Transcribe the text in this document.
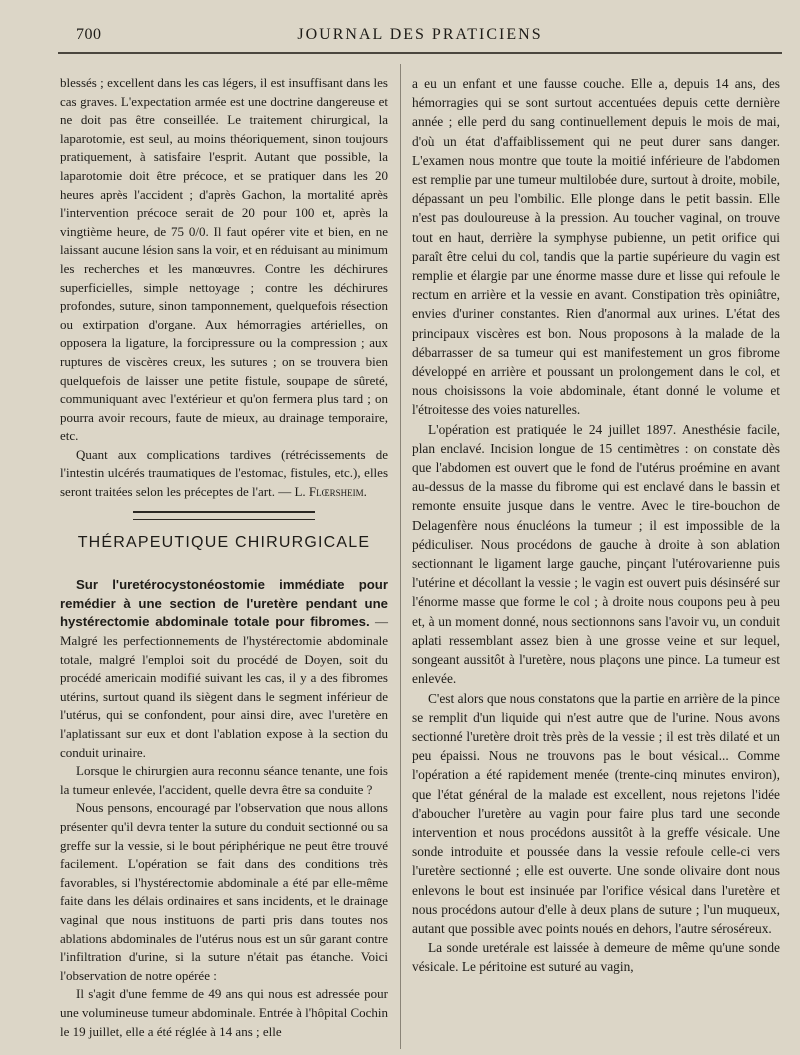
700	JOURNAL DES PRATICIENS

blessés ; excellent dans les cas légers, il est insuffisant dans les cas graves. L'expectation armée est une doctrine dangereuse et ne doit pas être conseillée. Le traitement chirurgical, la laparotomie, est seul, au moins théoriquement, sinon toujours pratiquement, à satisfaire l'esprit. Autant que possible, la laparotomie doit être précoce, et se pratiquer dans les 20 heures après l'accident ; d'après Gachon, la mortalité après l'intervention précoce serait de 20 pour 100 et, après la vingtième heure, de 75 0/0. Il faut opérer vite et bien, en ne laissant aucune lésion sans la voir, et en réduisant au minimum les recherches et les manœuvres. Contre les déchirures superficielles, simple nettoyage ; contre les déchirures profondes, suture, sinon tamponnement, quelquefois résection ou extirpation d'organe. Aux hémorragies artérielles, on opposera la ligature, la forcipressure ou la compression ; aux ruptures de viscères creux, les sutures ; on se trouvera bien quelquefois de laisser une petite fistule, soupape de sûreté, communiquant avec l'extérieur et qu'on fermera plus tard ; on pourra avoir recours, faute de mieux, au drainage temporaire, etc.

Quant aux complications tardives (rétrécissements de l'intestin ulcérés traumatiques de l'estomac, fistules, etc.), elles seront traitées selon les préceptes de l'art. — L. Flœrsheim.

THÉRAPEUTIQUE CHIRURGICALE

Sur l'uretérocystonéostomie immédiate pour remédier à une section de l'uretère pendant une hystérectomie abdominale totale pour fibromes. — Malgré les perfectionnements de l'hystérectomie abdominale totale, malgré l'emploi soit du procédé de Doyen, soit du procédé americain modifié suivant les cas, il y a des fibromes utérins, surtout quand ils siègent dans le segment inférieur de l'utérus, qui se confondent, pour ainsi dire, avec l'uretère en l'aplatissant sur eux et dont l'ablation expose à la section du conduit urinaire.

Lorsque le chirurgien aura reconnu séance tenante, une fois la tumeur enlevée, l'accident, quelle devra être sa conduite ?

Nous pensons, encouragé par l'observation que nous allons présenter qu'il devra tenter la suture du conduit sectionné ou sa greffe sur la vessie, si le bout périphérique ne peut être trouvé facilement. L'opération se fait dans des conditions très favorables, si l'hystérectomie abdominale a été par elle-même faite dans les délais ordinaires et sans incidents, et le drainage vaginal que nous instituons de parti pris dans toutes nos ablations abdominales de l'utérus nous est un sûr garant contre l'infiltration d'urine, si la suture n'était pas étanche. Voici l'observation de notre opérée :

Il s'agit d'une femme de 49 ans qui nous est adressée pour une volumineuse tumeur abdominale. Entrée à l'hôpital Cochin le 19 juillet, elle a été réglée à 14 ans ; elle

a eu un enfant et une fausse couche. Elle a, depuis 14 ans, des hémorragies qui se sont surtout accentuées depuis cette dernière année ; elle perd du sang continuellement depuis le mois de mai, d'où un état d'affaiblissement qui ne peut durer sans danger. L'examen nous montre que toute la moitié inférieure de l'abdomen est remplie par une tumeur multilobée dure, surtout à droite, mobile, dépassant un peu l'ombilic. Elle plonge dans le petit bassin. Elle n'est pas douloureuse à la pression. Au toucher vaginal, on trouve tout en haut, derrière la symphyse pubienne, un petit orifice qui paraît être celui du col, tandis que la partie supérieure du vagin est remplie et élargie par une énorme masse dure et lisse qui refoule le rectum en arrière et la vessie en avant. Constipation très opiniâtre, envies d'uriner constantes. Rien d'anormal aux urines. L'état des principaux viscères est bon. Nous proposons à la malade de la débarrasser de sa tumeur qui est manifestement un gros fibrome développé en arrière et poussant un prolongement dans le col, et nous choisissons la voie abdominale, étant donné le volume et l'étroitesse des voies naturelles.

L'opération est pratiquée le 24 juillet 1897. Anesthésie facile, plan enclavé. Incision longue de 15 centimètres : on constate dès que l'abdomen est ouvert que le fond de l'utérus proémine en avant au-dessus de la masse du fibrome qui est enclavé dans le bassin et remonte ensuite jusque dans le ventre. Avec le tire-bouchon de Delagenfère nous énucléons la tumeur ; il est impossible de la pédiculiser. Nous procédons de gauche à droite à son ablation sectionnant le ligament large gauche, pinçant l'utérovarienne puis l'utérine et décollant la vessie ; le vagin est ouvert puis désinséré sur l'énorme masse que forme le col ; à droite nous coupons peu à peu et, à un moment donné, nous sectionnons sans l'avoir vu, un conduit aplati ressemblant assez bien à une grosse veine et sur lequel, songeant aussitôt à l'uretère, nous plaçons une pince. La tumeur est enlevée.

C'est alors que nous constatons que la partie en arrière de la pince se remplit d'un liquide qui n'est autre que de l'urine. Nous avons sectionné l'uretère droit très près de la vessie ; il est très dilaté et un peu épaissi. Nous ne trouvons pas le bout vésical... Comme l'opération a été rapidement menée (trente-cinq minutes environ), que l'état général de la malade est excellent, nous rejetons l'idée d'aboucher l'uretère au vagin pour faire plus tard une seconde intervention et nous procédons aussitôt à la greffe vésicale. Une sonde introduite et poussée dans la vessie refoule celle-ci vers l'uretère sectionné ; elle est ouverte. Une sonde olivaire dont nous enlevons le bout est insinuée par l'orifice vésical dans l'uretère et nous procédons autour d'elle à deux plans de suture ; l'un muqueux, autant que possible avec points noués en dehors, l'autre séroséreux.

La sonde uretérale est laissée à demeure de même qu'une sonde vésicale. Le péritoine est suturé au vagin,
